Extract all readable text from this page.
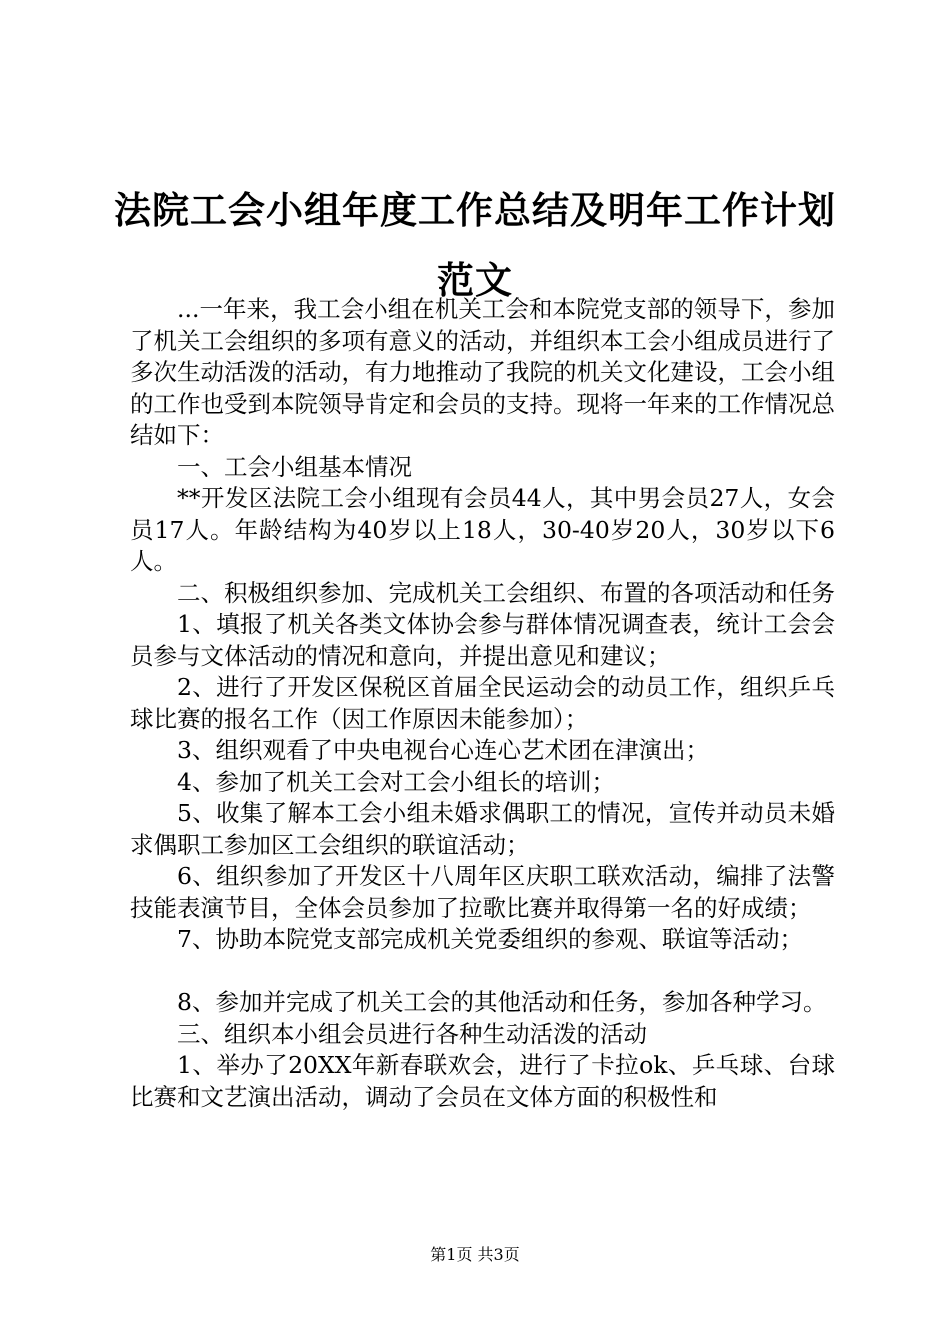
法院工会小组年度工作总结及明年工作计划范文

...一年来，我工会小组在机关工会和本院党支部的领导下，参加了机关工会组织的多项有意义的活动，并组织本工会小组成员进行了多次生动活泼的活动，有力地推动了我院的机关文化建设，工会小组的工作也受到本院领导肯定和会员的支持。现将一年来的工作情况总结如下：

一、工会小组基本情况

**开发区法院工会小组现有会员44人，其中男会员27人，女会员17人。年龄结构为40岁以上18人，30-40岁20人，30岁以下6人。

二、积极组织参加、完成机关工会组织、布置的各项活动和任务

1、填报了机关各类文体协会参与群体情况调查表，统计工会会员参与文体活动的情况和意向，并提出意见和建议；

2、进行了开发区保税区首届全民运动会的动员工作，组织乒乓球比赛的报名工作（因工作原因未能参加）；

3、组织观看了中央电视台心连心艺术团在津演出；

4、参加了机关工会对工会小组长的培训；

5、收集了解本工会小组未婚求偶职工的情况，宣传并动员未婚求偶职工参加区工会组织的联谊活动；

6、组织参加了开发区十八周年区庆职工联欢活动，编排了法警技能表演节目，全体会员参加了拉歌比赛并取得第一名的好成绩；

7、协助本院党支部完成机关党委组织的参观、联谊等活动；

8、参加并完成了机关工会的其他活动和任务，参加各种学习。

三、组织本小组会员进行各种生动活泼的活动

1、举办了20XX年新春联欢会，进行了卡拉ok、乒乓球、台球比赛和文艺演出活动，调动了会员在文体方面的积极性和

第1页 共3页
